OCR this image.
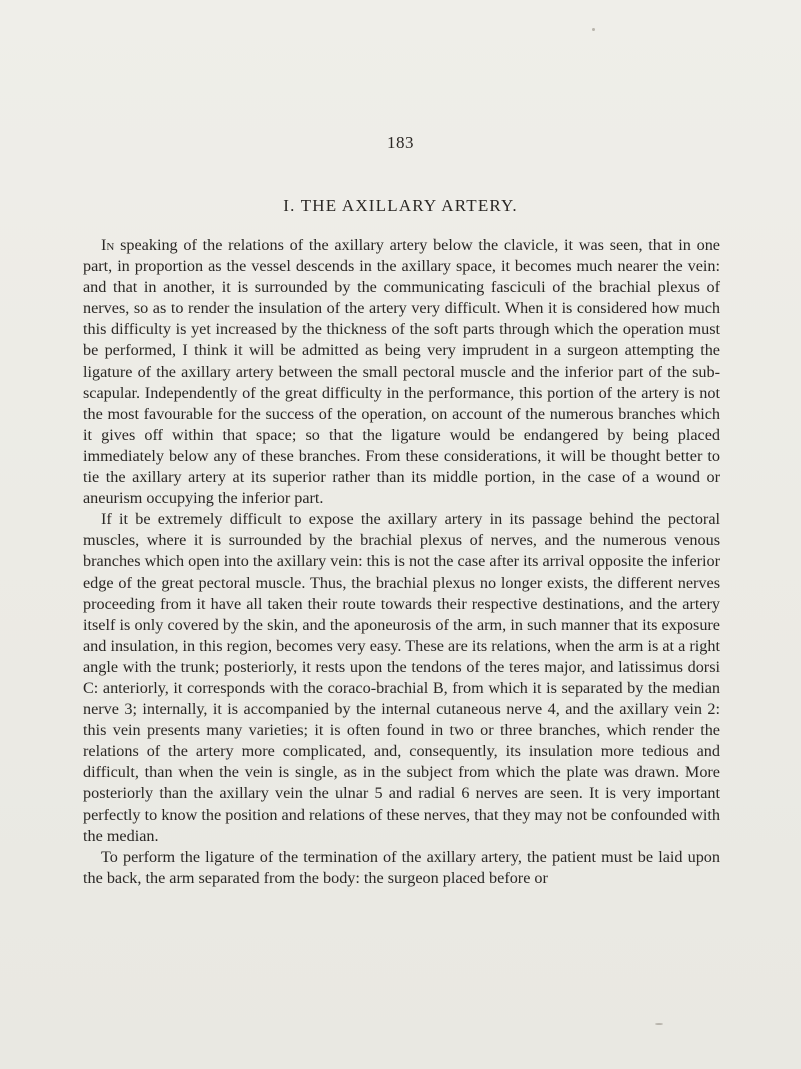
183
I. THE AXILLARY ARTERY.

In speaking of the relations of the axillary artery below the clavicle, it was seen, that in one part, in proportion as the vessel descends in the axillary space, it becomes much nearer the vein: and that in another, it is surrounded by the communicating fasciculi of the brachial plexus of nerves, so as to render the insulation of the artery very difficult. When it is considered how much this difficulty is yet increased by the thickness of the soft parts through which the operation must be performed, I think it will be admitted as being very imprudent in a surgeon attempting the ligature of the axillary artery between the small pectoral muscle and the inferior part of the sub-scapular. Independently of the great difficulty in the performance, this portion of the artery is not the most favourable for the success of the operation, on account of the numerous branches which it gives off within that space; so that the ligature would be endangered by being placed immediately below any of these branches. From these considerations, it will be thought better to tie the axillary artery at its superior rather than its middle portion, in the case of a wound or aneurism occupying the inferior part.

If it be extremely difficult to expose the axillary artery in its passage behind the pectoral muscles, where it is surrounded by the brachial plexus of nerves, and the numerous venous branches which open into the axillary vein: this is not the case after its arrival opposite the inferior edge of the great pectoral muscle. Thus, the brachial plexus no longer exists, the different nerves proceeding from it have all taken their route towards their respective destinations, and the artery itself is only covered by the skin, and the aponeurosis of the arm, in such manner that its exposure and insulation, in this region, becomes very easy. These are its relations, when the arm is at a right angle with the trunk; posteriorly, it rests upon the tendons of the teres major, and latissimus dorsi C: anteriorly, it corresponds with the coraco-brachial B, from which it is separated by the median nerve 3; internally, it is accompanied by the internal cutaneous nerve 4, and the axillary vein 2: this vein presents many varieties; it is often found in two or three branches, which render the relations of the artery more complicated, and, consequently, its insulation more tedious and difficult, than when the vein is single, as in the subject from which the plate was drawn. More posteriorly than the axillary vein the ulnar 5 and radial 6 nerves are seen. It is very important perfectly to know the position and relations of these nerves, that they may not be confounded with the median.

To perform the ligature of the termination of the axillary artery, the patient must be laid upon the back, the arm separated from the body: the surgeon placed before or
